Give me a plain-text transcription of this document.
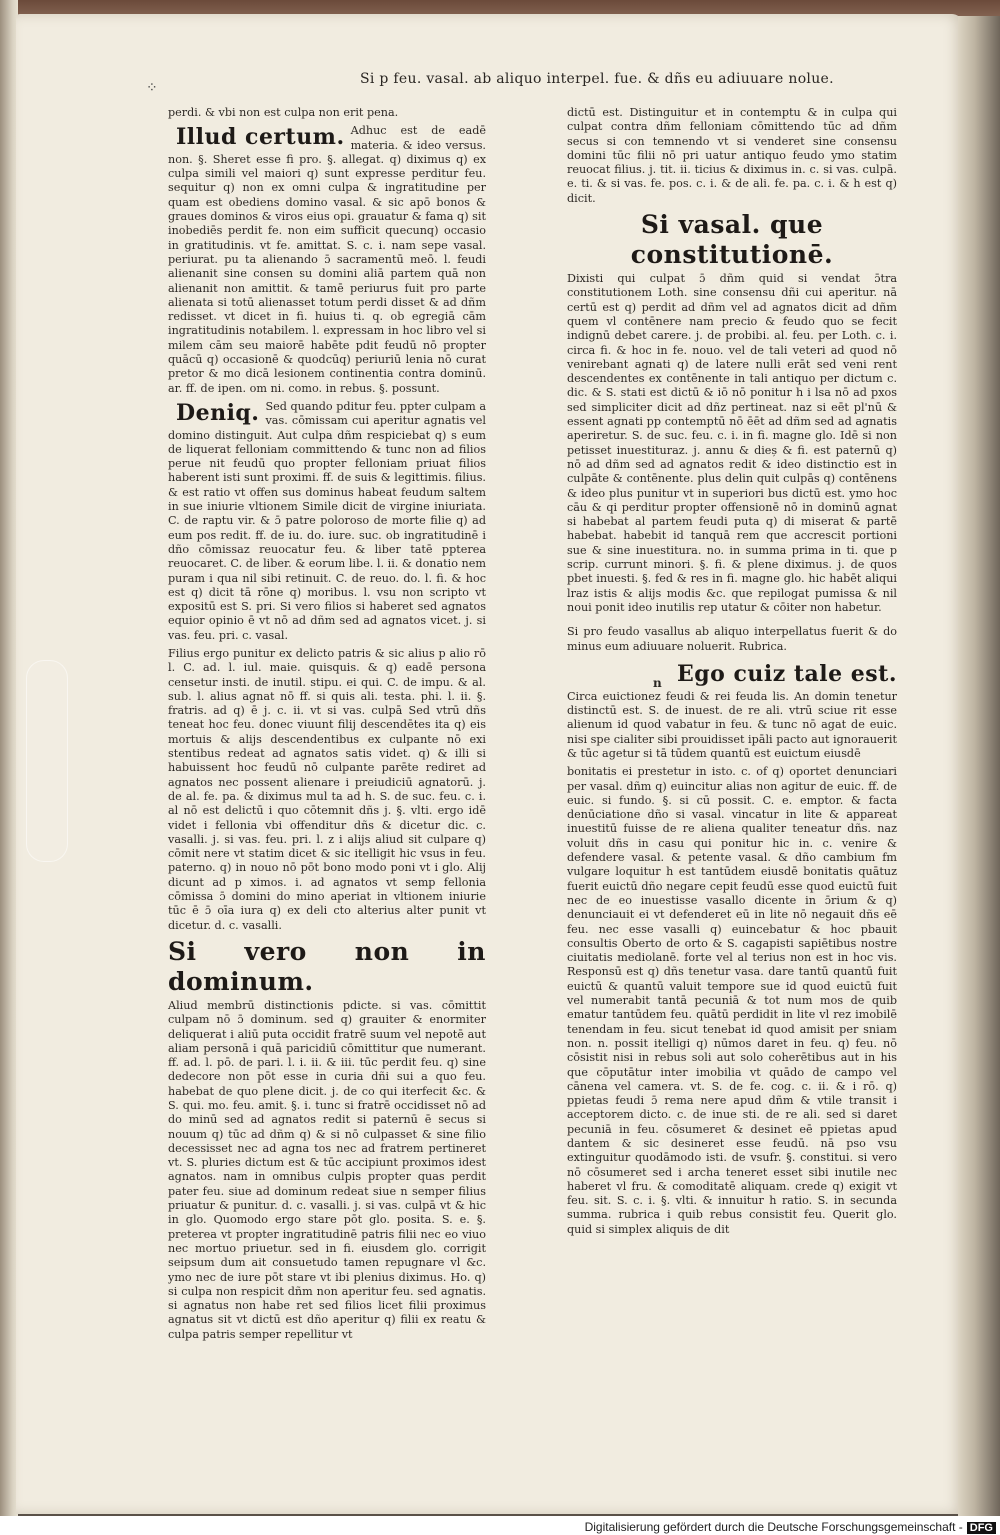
⁘
Si p feu. vasal. ab aliquo interpel. fue. & dñs eu adiuuare nolue.

perdi. & vbi non est culpa non erit pena.

Illud certum. Adhuc est de eadē materia. & ideo versus. non. §. Sheret esse fi pro. §. allegat. q) diximus q) ex culpa simili vel maiori q) sunt expresse perditur feu. sequitur q) non ex omni culpa & ingratitudine per quam est obediens domino vasal. & sic apō bonos & graues dominos & viros eius opi. grauatur & fama q) sit inobediēs perdit fe. non eim sufficit quecunq) occasio in gratitudinis. vt fe. amittat. S. c. i. nam sepe vasal. periurat. pu ta alienando ɔ̄ sacramentū meō. l. feudi alienanit sine consen su domini aliā partem quā non alienanit non amittit. & tamē periurus fuit pro parte alienata si totū alienasset totum perdi disset & ad dñm redisset. vt dicet in fi. huius ti. q. ob egregiā cām ingratitudinis notabilem. l. expressam in hoc libro vel si milem cām seu maiorē habēte pdit feudū nō propter quācū q) occasionē & quodcūq) periuriū lenia nō curat pretor & mo dicā lesionem continentia contra dominū. ar. ff. de ipen. om ni. como. in rebus. §. possunt.

Deniq. Sed quando pditur feu. ppter culpam a vas. cōmissam cui aperitur agnatis vel domino distinguit. Aut culpa dñm respiciebat q) s eum de liquerat felloniam committendo & tunc non ad filios perue nit feudū quo propter felloniam priuat filios haberent isti sunt proximi. ff. de suis & legittimis. filius. & est ratio vt offen sus dominus habeat feudum saltem in sue iniurie vltionem Simile dicit de virgine iniuriata. C. de raptu vir. & ɔ̄ patre poloroso de morte filie q) ad eum pos redit. ff. de iu. do. iure. suc. ob ingratitudinē i dño cōmissaz reuocatur feu. & liber tatē ppterea reuocaret. C. de liber. & eorum libe. l. ii. & donatio nem puram i qua nil sibi retinuit. C. de reuo. do. l. fi. & hoc est q) dicit tā rōne q) moribus. l. vsu non scripto vt expositū est S. pri. Si vero filios si haberet sed agnatos equior opinio ē vt nō ad dñm sed ad agnatos vicet. j. si vas. feu. pri. c. vasal.

Filius ergo punitur ex delicto patris & sic alius p alio rō l. C. ad. l. iul. maie. quisquis. & q) eadē persona censetur insti. de inutil. stipu. ei qui. C. de impu. & al. sub. l. alius agnat nō ff. si quis ali. testa. phi. l. ii. §. fratris. ad q) ē j. c. ii. vt si vas. culpā Sed vtrū dñs teneat hoc feu. donec viuunt filij descendētes ita q) eis mortuis & alijs descendentibus ex culpante nō exi stentibus redeat ad agnatos satis videt. q) & illi si habuissent hoc feudū nō culpante parēte rediret ad agnatos nec possent alienare i preiudiciū agnatorū. j. de al. fe. pa. & diximus mul ta ad h. S. de suc. feu. c. i. al nō est delictū i quo cōtemnit dñs j. §. vlti. ergo idē videt i fellonia vbi offenditur dñs & dicetur dic. c. vasalli. j. si vas. feu. pri. l. z i alijs aliud sit culpare q) cōmit nere vt statim dicet & sic itelligit hic vsus in feu. paterno. q) in nouo nō pōt bono modo poni vt i glo. Alij dicunt ad p ximos. i. ad agnatos vt semp fellonia cōmissa ɔ̄ domini do mino aperiat in vltionem iniurie tūc ē ɔ̄ oīa iura q) ex deli cto alterius alter punit vt dicetur. d. c. vasalli.

Si vero non in dominum.

Aliud membrū distinctionis pdicte. si vas. cōmittit culpam nō ɔ̄ dominum. sed q) grauiter & enormiter deliquerat i aliū puta occidit fratrē suum vel nepotē aut aliam personā i quā paricidiū cōmittitur que numerant. ff. ad. l. pō. de pari. l. i. ii. & iii. tūc perdit feu. q) sine dedecore non pōt esse in curia dñi sui a quo feu. habebat de quo plene dicit. j. de co qui iterfecit &c. & S. qui. mo. feu. amit. §. i. tunc si fratrē occidisset nō ad do minū sed ad agnatos redit si paternū ē secus si nouum q) tūc ad dñm q) & si nō culpasset & sine filio decessisset nec ad agna tos nec ad fratrem pertineret vt. S. pluries dictum est & tūc accipiunt proximos idest agnatos. nam in omnibus culpis propter quas perdit pater feu. siue ad dominum redeat siue n semper filius priuatur & punitur. d. c. vasalli. j. si vas. culpā vt & hic in glo. Quomodo ergo stare pōt glo. posita. S. e. §. preterea vt propter ingratitudinē patris filii nec eo viuo nec mortuo priuetur. sed in fi. eiusdem glo. corrigit seipsum dum ait consuetudo tamen repugnare vl &c. ymo nec de iure pōt stare vt ibi plenius diximus. Ho. q) si culpa non respicit dñm non aperitur feu. sed agnatis. si agnatus non habe ret sed filios licet filii proximus agnatus sit vt dictū est dño aperitur q) filii ex reatu & culpa patris semper repellitur vt

dictū est. Distinguitur et in contemptu & in culpa qui culpat contra dñm felloniam cōmittendo tūc ad dñm secus si con temnendo vt si venderet sine consensu domini tūc filii nō pri uatur antiquo feudo ymo statim reuocat filius. j. tit. ii. ticius & diximus in. c. si vas. culpā. e. ti. & si vas. fe. pos. c. i. & de ali. fe. pa. c. i. & h est q) dicit.

Si vasal. que constitutionē.

Dixisti qui culpat ɔ̄ dñm quid si vendat ɔ̄tra constitutionem Loth. sine consensu dñi cui aperitur. nā certū est q) perdit ad dñm vel ad agnatos dicit ad dñm quem vl contēnere nam precio & feudo quo se fecit indignū debet carere. j. de probibi. al. feu. per Loth. c. i. circa fi. & hoc in fe. nouo. vel de tali veteri ad quod nō venirebant agnati q) de latere nulli erāt sed veni rent descendentes ex contēnente in tali antiquo per dictum c. dic. & S. stati est dictū & iō nō ponitur h i lsa nō ad pxos sed simpliciter dicit ad dñz pertineat. naz si eēt pl'nū & essent agnati pp contemptū nō ēēt ad dñm sed ad agnatis aperiretur. S. de suc. feu. c. i. in fi. magne glo. Idē si non petisset inuestituraz. j. annu & dieș & fi. est paternū q) nō ad dñm sed ad agnatos redit & ideo distinctio est in culpāte & contēnente. plus delin quit culpās q) contēnens & ideo plus punitur vt in superiori bus dictū est. ymo hoc cāu & qi perditur propter offensionē nō in dominū agnat si habebat al partem feudi puta q) di miserat & partē habebat. habebit id tanquā rem que accrescit portioni sue & sine inuestitura. no. in summa prima in ti. que p scrip. currunt minori. §. fi. & plene diximus. j. de quos pbet inuesti. §. fed & res in fi. magne glo. hic habēt aliqui lraz istis & alijs modis &c. que repilogat pumissa & nil noui ponit ideo inutilis rep utatur & cōiter non habetur.

Si pro feudo vasallus ab aliquo interpellatus fuerit & do minus eum adiuuare noluerit. Rubrica.

Ego cuiz tale est.

Circa euictionez feudi & rei feuda lis. An domin tenetur distinctū est. S. de inuest. de re ali. vtrū sciue rit esse alienum id quod vabatur in feu. & tunc nō agat de euic. nisi spe cialiter sibi prouidisset ipāli pacto aut ignorauerit & tūc agetur si tā tūdem quantū est euictum eiusdē

bonitatis ei prestetur in isto. c. of q) oportet denunciari per vasal. dñm q) euincitur alias non agitur de euic. ff. de euic. si fundo. §. si cū possit. C. e. emptor. & facta denūciatione dño si vasal. vincatur in lite & appareat inuestitū fuisse de re aliena qualiter teneatur dñs. naz voluit dñs in casu qui ponitur hic in. c. venire & defendere vasal. & petente vasal. & dño cambium fm vulgare loquitur h est tantūdem eiusdē bonitatis quātuz fuerit euictū dño negare cepit feudū esse quod euictū fuit nec de eo inuestisse vasallo dicente in ɔ̄rium & q) denunciauit ei vt defenderet eū in lite nō negauit dñs eē feu. nec esse vasalli q) euincebatur & hoc pbauit consultis Oberto de orto & S. cagapisti sapiētibus nostre ciuitatis mediolanē. forte vel al terius non est in hoc vis. Responsū est q) dñs tenetur vasa. dare tantū quantū fuit euictū & quantū valuit tempore sue id quod euictū fuit vel numerabit tantā pecuniā & tot num mos de quib ematur tantūdem feu. quātū perdidit in lite vl rez imobilē tenendam in feu. sicut tenebat id quod amisit per sniam non. n. possit itelligi q) nūmos daret in feu. q) feu. nō cōsistit nisi in rebus soli aut solo coherētibus aut in his que cōputātur inter imobilia vt quādo de campo vel cānena vel camera. vt. S. de fe. cog. c. ii. & i rō. q) ppietas feudi ɔ̄ rema nere apud dñm & vtile transit i acceptorem dicto. c. de inue sti. de re ali. sed si daret pecuniā in feu. cōsumeret & desinet eē ppietas apud dantem & sic desineret esse feudū. nā pso vsu extinguitur quodāmodo isti. de vsufr. §. constitui. si vero nō cōsumeret sed i archa teneret esset sibi inutile nec haberet vl fru. & comoditatē aliquam. crede q) exigit vt feu. sit. S. c. i. §. vlti. & innuitur h ratio. S. in secunda summa. rubrica i quib rebus consistit feu. Querit glo. quid si simplex aliquis de dit

n
Digitalisierung gefördert durch die Deutsche Forschungsgemeinschaft - DFG
